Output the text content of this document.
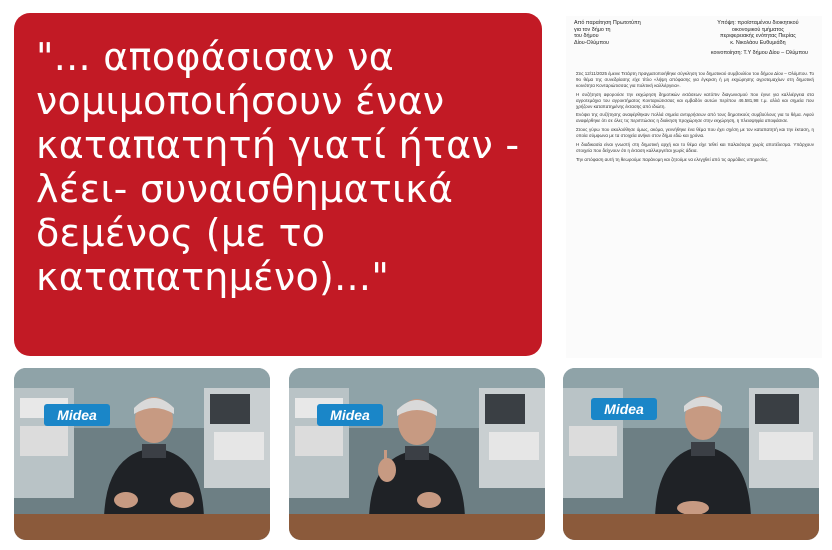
"... αποφάσισαν να νομιμοποιήσουν έναν καταπατητή γιατί ήταν - λέει- συναισθηματικά δεμένος (με το καταπατημένο)..."

Από παραίτηση Πρωτοτύπη
για τον δήμο τη
του δήμου
Δίου-Ολύμπου
Υπόψη: προϊσταμένου διοικητικού
οικονομικού τμήματος
περιφερειακής ενότητας Πιερίας
κ. Νικολάου Ευθυμιάδη
κοινοποίηση: Τ.Υ δήμου Δίου – Ολύμπου

Στις 12/11/2025 έμεινε Τετάρτη πραγματοποιήθηκε σύγκληση του δημοτικού συμβουλίου του δήμου Δίου – Ολύμπου. Το 9ο θέμα της συνεδρίασης είχε τίτλο «λήψη απόφασης για έγκριση ή μη εκχώρησης αγροτεμαχίων στη δημοτική κοινότητα Κονταριώτισσας για πολιτική καλλιέργεια».

Η συζήτηση αφορούσε την εκχώρηση δημοτικών εκτάσεων κατόπιν διαγωνισμού που έγινε για καλλιέργεια στα αγροτεμάχια του αγροκτήματος Κονταριώτισσας και εμβαδόν αυτών περίπου 46.581,98 τ.μ. αλλά και σημεία που χρήζουν καταπατημένης έκτασης από ιδιώτη.

Ενόψει της συζήτησης αναφέρθηκαν πολλά σημεία αντιρρήσεων από τους δημοτικούς συμβούλους για το θέμα. Αφού αναφέρθηκε ότι σε όλες τις περιπτώσεις η διοίκηση προχώρησε στην εκχώρηση, η πλειοψηφία αποφάσισε.

Στους γύρω που ακολούθησε όμως, ακόμα, γεννήθηκε ένα θέμα που έχει σχέση με τον καταπατητή και την έκταση, η οποία σύμφωνα με τα στοιχεία ανήκει στον δήμο εδώ και χρόνια.

Η διαδικασία είναι γνωστή στη δημοτική αρχή και το θέμα είχε τεθεί και παλαιότερα χωρίς αποτέλεσμα. Υπάρχουν στοιχεία που δείχνουν ότι η έκταση καλλιεργείται χωρίς άδεια.

Την απόφαση αυτή τη θεωρούμε παράνομη και ζητούμε να ελεγχθεί από τις αρμόδιες υπηρεσίες.

Midea	Midea	Midea
